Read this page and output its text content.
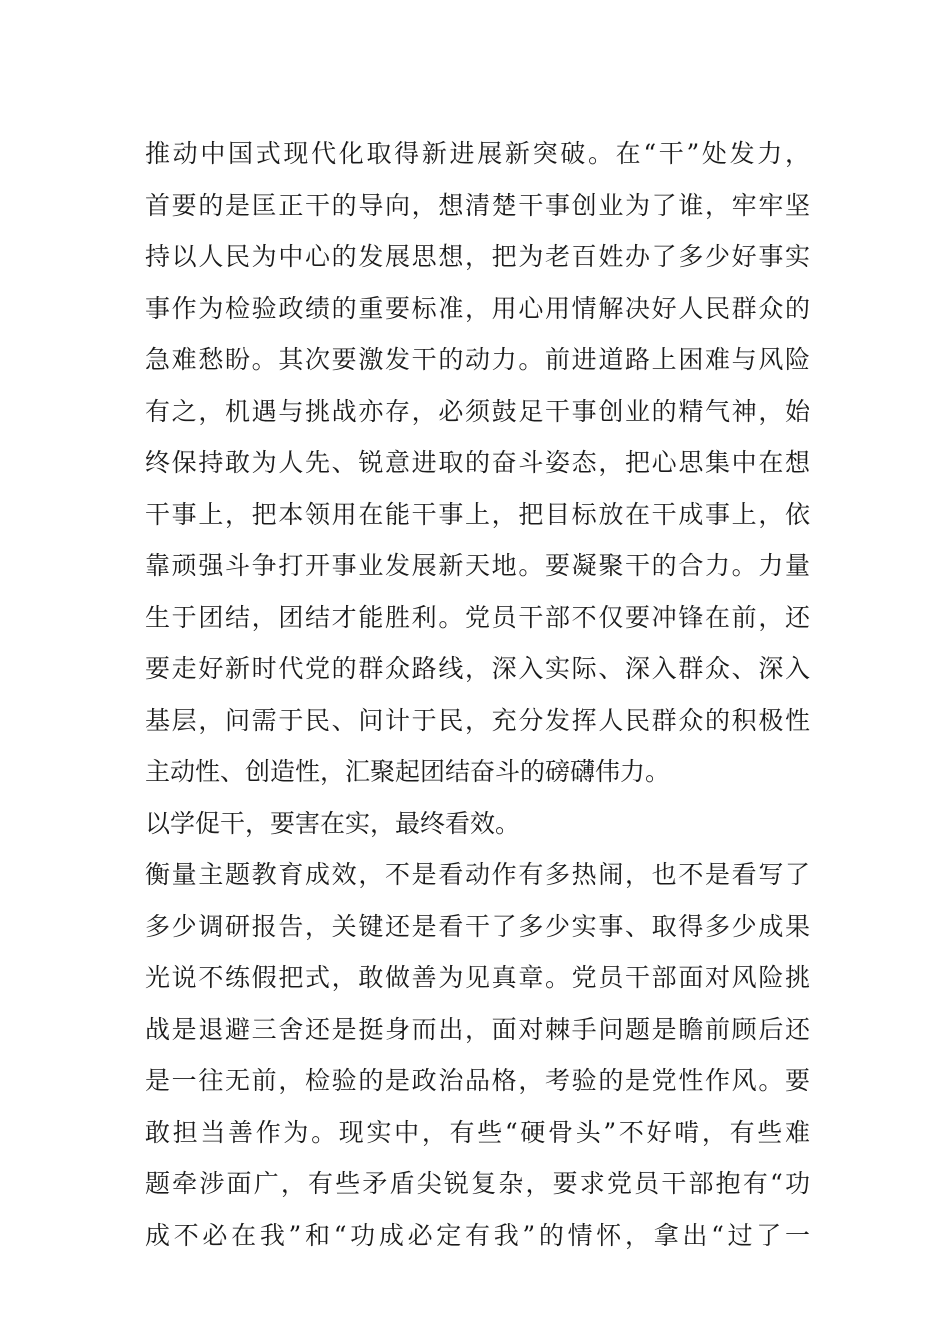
推动中国式现代化取得新进展新突破。在“干”处发力，
首要的是匡正干的导向，想清楚干事创业为了谁，牢牢坚
持以人民为中心的发展思想，把为老百姓办了多少好事实
事作为检验政绩的重要标准，用心用情解决好人民群众的
急难愁盼。其次要激发干的动力。前进道路上困难与风险
有之，机遇与挑战亦存，必须鼓足干事创业的精气神，始
终保持敢为人先、锐意进取的奋斗姿态，把心思集中在想
干事上，把本领用在能干事上，把目标放在干成事上，依
靠顽强斗争打开事业发展新天地。要凝聚干的合力。力量
生于团结，团结才能胜利。党员干部不仅要冲锋在前，还
要走好新时代党的群众路线，深入实际、深入群众、深入
基层，问需于民、问计于民，充分发挥人民群众的积极性
主动性、创造性，汇聚起团结奋斗的磅礴伟力。
以学促干，要害在实，最终看效。
衡量主题教育成效，不是看动作有多热闹，也不是看写了
多少调研报告，关键还是看干了多少实事、取得多少成果
光说不练假把式，敢做善为见真章。党员干部面对风险挑
战是退避三舍还是挺身而出，面对棘手问题是瞻前顾后还
是一往无前，检验的是政治品格，考验的是党性作风。要
敢担当善作为。现实中，有些“硬骨头”不好啃，有些难
题牵涉面广，有些矛盾尖锐复杂，要求党员干部抱有“功
成不必在我”和“功成必定有我”的情怀，拿出“过了一
